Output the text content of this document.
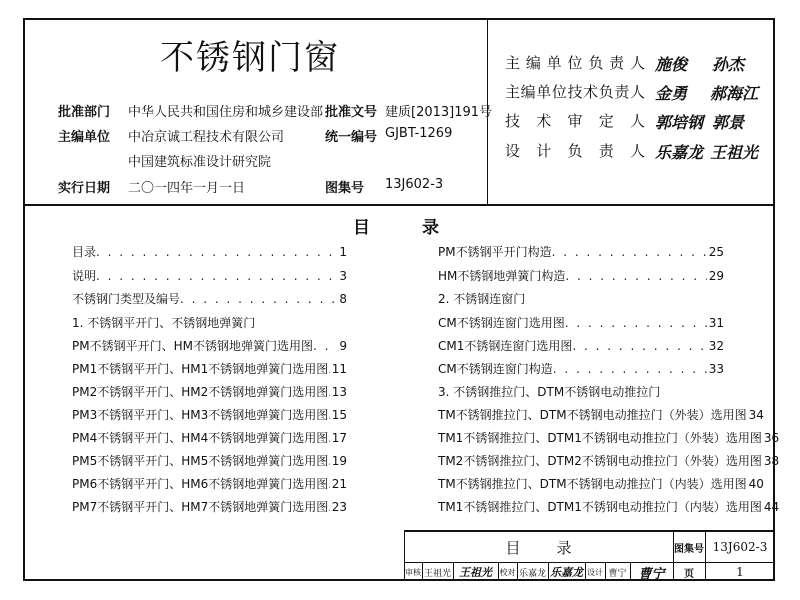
不锈钢门窗
批准部门 中华人民共和国住房和城乡建设部 批准文号 建质[2013]191号
主编单位 中冶京诚工程技术有限公司	统一编号 GJBT-1269
中国建筑标准设计研究院
实行日期 二〇一四年一月一日	图集号 13J602-3
主编单位负责人 施俊 孙杰
主编单位技术负责人 金勇 郝海江
技术审定人 郭培钢 郭景
设计负责人 乐嘉龙 王祖光
目	录
目录 . . .	1
说明 . . .	3
不锈钢门类型及编号 . . .	8
1. 不锈钢平开门、不锈钢地弹簧门
PM不锈钢平开门、HM不锈钢地弹簧门选用图 . . . 9
PM1不锈钢平开门、HM1不锈钢地弹簧门选用图 . . . 11
PM2不锈钢平开门、HM2不锈钢地弹簧门选用图 . . . 13
PM3不锈钢平开门、HM3不锈钢地弹簧门选用图 . . . 15
PM4不锈钢平开门、HM4不锈钢地弹簧门选用图 . . . 17
PM5不锈钢平开门、HM5不锈钢地弹簧门选用图 . . . 19
PM6不锈钢平开门、HM6不锈钢地弹簧门选用图 . . . 21
PM7不锈钢平开门、HM7不锈钢地弹簧门选用图 . . . 23
PM不锈钢平开门构造 . . .	25
HM不锈钢地弹簧门构造 . . .	29
2. 不锈钢连窗门
CM不锈钢连窗门选用图 . . .	31
CM1不锈钢连窗门选用图 . . .	32
CM不锈钢连窗门构造 . . .	33
3. 不锈钢推拉门、DTM不锈钢电动推拉门
TM不锈钢推拉门、DTM不锈钢电动推拉门（外装）选用图 34
TM1不锈钢推拉门、DTM1不锈钢电动推拉门（外装）选用图 36
TM2不锈钢推拉门、DTM2不锈钢电动推拉门（外装）选用图 38
TM不锈钢推拉门、DTM不锈钢电动推拉门（内装）选用图 40
TM1不锈钢推拉门、DTM1不锈钢电动推拉门（内装）选用图 44
目录	图集号 13J602-3
审核 王祖光 王祖光 校对 乐嘉龙 乐嘉龙 设计 曹宁 曹宁	页	1
